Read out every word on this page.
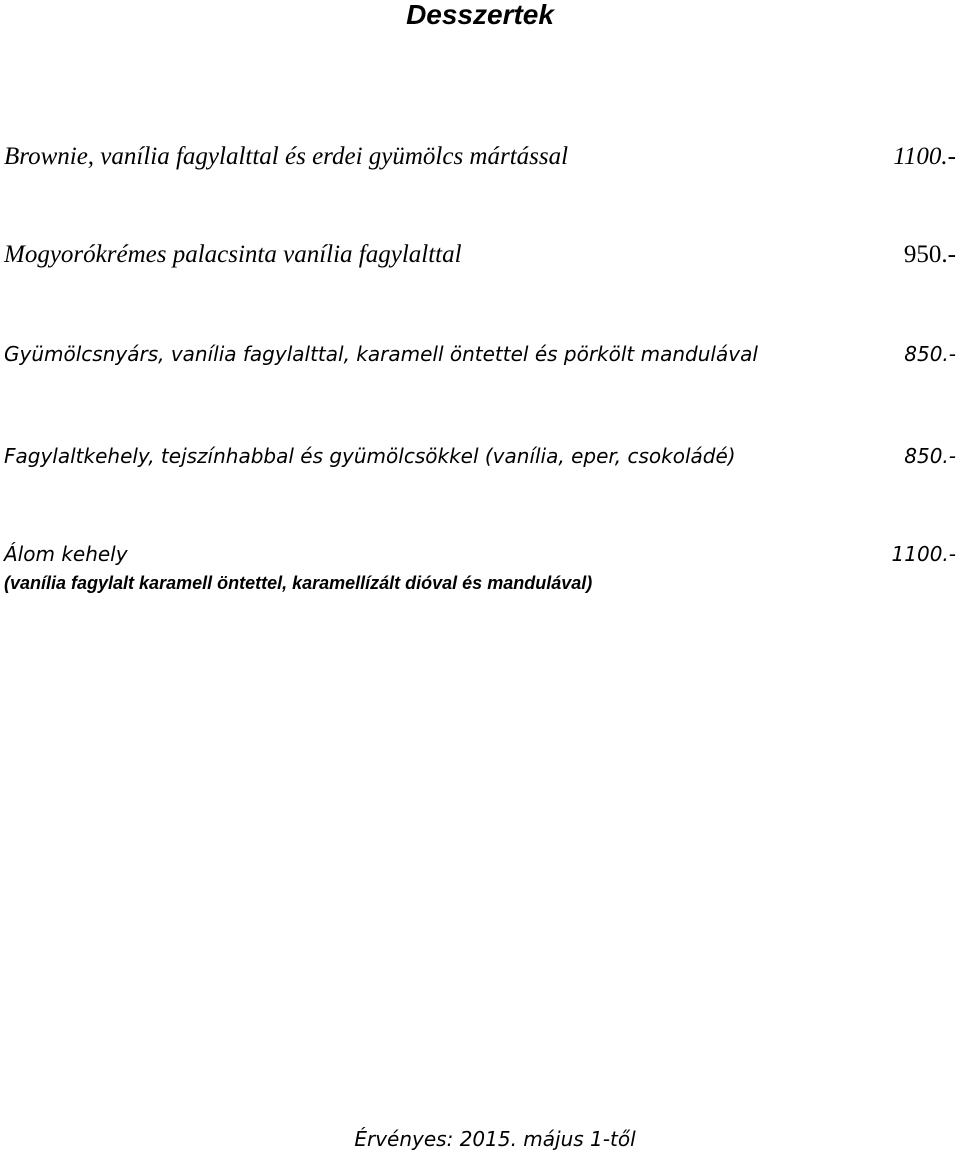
Desszertek
Brownie, vanília fagylalttal és erdei gyümölcs mártással	1100.-
Mogyorókrémes palacsinta vanília fagylalttal	950.-
Gyümölcsnyárs, vanília fagylalttal, karamell öntettel és pörkölt mandulával	850.-
Fagylaltkehely, tejszínhabbal és gyümölcsökkel (vanília, eper, csokoládé)	850.-
Álom kehely	1100.-
(vanília fagylalt karamell öntettel, karamellízált dióval és mandulával)
Érvényes: 2015. május 1-től
